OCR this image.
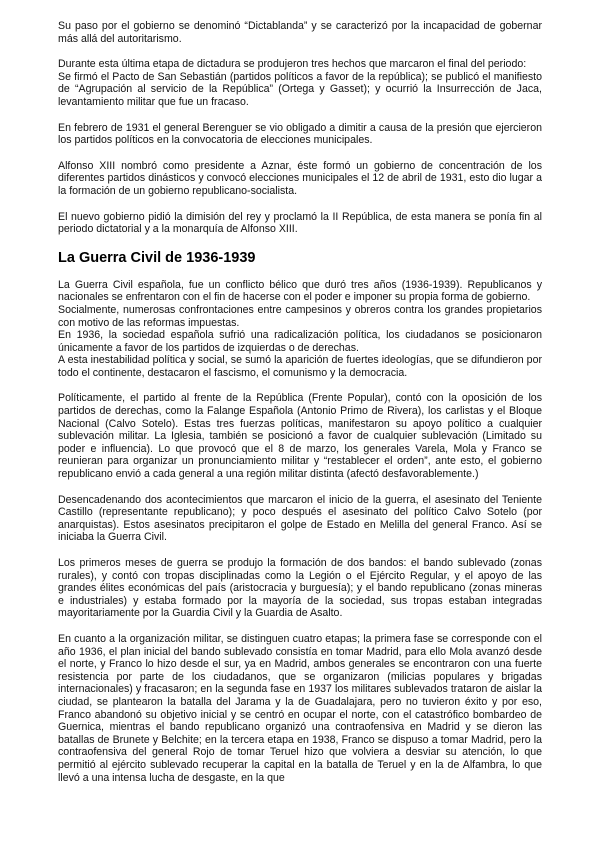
Su paso por el gobierno se denominó “Dictablanda” y se caracterizó por la incapacidad de gobernar más allá del autoritarismo.

Durante esta última etapa de dictadura se produjeron tres hechos que marcaron el final del periodo:

Se firmó el Pacto de San Sebastián (partidos políticos a favor de la república); se publicó el manifiesto de “Agrupación al servicio de la República” (Ortega y Gasset); y ocurrió la Insurrección de Jaca, levantamiento militar que fue un fracaso.

En febrero de 1931 el general Berenguer se vio obligado a dimitir a causa de la presión que ejercieron los partidos políticos en la convocatoria de elecciones municipales.

Alfonso XIII nombró como presidente a Aznar, éste formó un gobierno de concentración de los diferentes partidos dinásticos y convocó elecciones municipales el 12 de abril de 1931, esto dio lugar a la formación de un gobierno republicano-socialista.

El nuevo gobierno pidió la dimisión del rey y proclamó la II República, de esta manera se ponía fin al periodo dictatorial y a la monarquía de Alfonso XIII.

La Guerra Civil de 1936-1939

La Guerra Civil española, fue un conflicto bélico que duró tres años (1936-1939). Republicanos y nacionales se enfrentaron con el fin de hacerse con el poder e imponer su propia forma de gobierno.

Socialmente, numerosas confrontaciones entre campesinos y obreros contra los grandes propietarios con motivo de las reformas impuestas.

En 1936, la sociedad española sufrió una radicalización política, los ciudadanos se posicionaron únicamente a favor de los partidos de izquierdas o de derechas.

A esta inestabilidad política y social, se sumó la aparición de fuertes ideologías, que se difundieron por todo el continente, destacaron el fascismo, el comunismo y la democracia.

Políticamente, el partido al frente de la República (Frente Popular), contó con la oposición de los partidos de derechas, como la Falange Española (Antonio Primo de Rivera), los carlistas y el Bloque Nacional (Calvo Sotelo). Estas tres fuerzas políticas, manifestaron su apoyo político a cualquier sublevación militar. La Iglesia, también se posicionó a favor de cualquier sublevación (Limitado su poder e influencia). Lo que provocó que el 8 de marzo, los generales Varela, Mola y Franco se reunieran para organizar un pronunciamiento militar y “restablecer el orden”, ante esto, el gobierno republicano envió a cada general a una región militar distinta (afectó desfavorablemente.)

Desencadenando dos acontecimientos que marcaron el inicio de la guerra, el asesinato del Teniente Castillo (representante republicano); y poco después el asesinato del político Calvo Sotelo (por anarquistas). Estos asesinatos precipitaron el golpe de Estado en Melilla del general Franco. Así se iniciaba la Guerra Civil.

Los primeros meses de guerra se produjo la formación de dos bandos: el bando sublevado (zonas rurales), y contó con tropas disciplinadas como la Legión o el Ejército Regular, y el apoyo de las grandes élites económicas del país (aristocracia y burguesía); y el bando republicano (zonas mineras e industriales) y estaba formado por la mayoría de la sociedad, sus tropas estaban integradas mayoritariamente por la Guardia Civil y la Guardia de Asalto.

En cuanto a la organización militar, se distinguen cuatro etapas; la primera fase se corresponde con el año 1936, el plan inicial del bando sublevado consistía en tomar Madrid, para ello Mola avanzó desde el norte, y Franco lo hizo desde el sur, ya en Madrid, ambos generales se encontraron con una fuerte resistencia por parte de los ciudadanos, que se organizaron (milicias populares y brigadas internacionales) y fracasaron; en la segunda fase en 1937 los militares sublevados trataron de aislar la ciudad, se plantearon la batalla del Jarama y la de Guadalajara, pero no tuvieron éxito y por eso, Franco abandonó su objetivo inicial y se centró en ocupar el norte, con el catastrófico bombardeo de Guernica, mientras el bando republicano organizó una contraofensiva en Madrid y se dieron las batallas de Brunete y Belchite; en la tercera etapa en 1938, Franco se dispuso a tomar Madrid, pero la contraofensiva del general Rojo de tomar Teruel hizo que volviera a desviar su atención, lo que permitió al ejército sublevado recuperar la capital en la batalla de Teruel y en la de Alfambra, lo que llevó a una intensa lucha de desgaste, en la que
